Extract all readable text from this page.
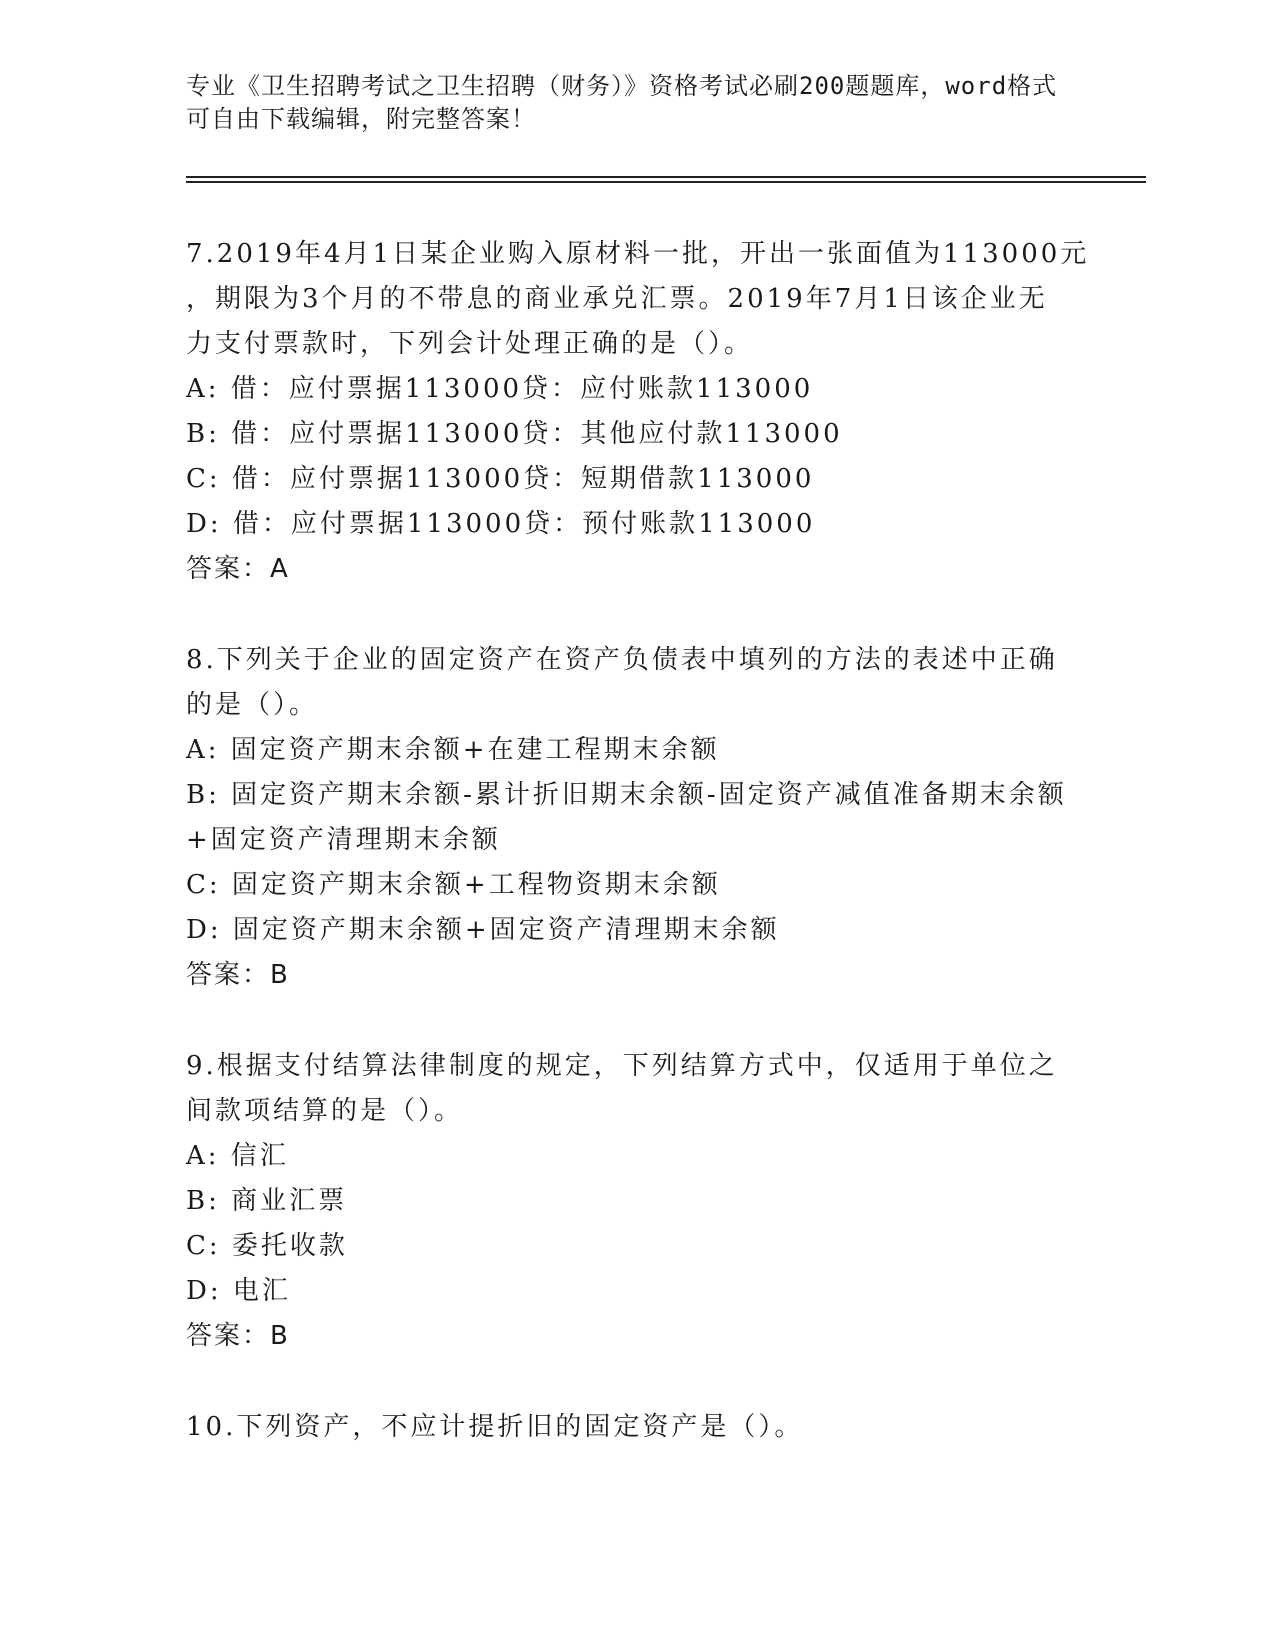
专业《卫生招聘考试之卫生招聘（财务）》资格考试必刷200题题库，word格式
可自由下载编辑，附完整答案！
7.2019年4月1日某企业购入原材料一批，开出一张面值为113000元
，期限为3个月的不带息的商业承兑汇票。2019年7月1日该企业无
力支付票款时，下列会计处理正确的是（）。
A: 借：应付票据113000贷：应付账款113000
B: 借：应付票据113000贷：其他应付款113000
C: 借：应付票据113000贷：短期借款113000
D: 借：应付票据113000贷：预付账款113000
答案：A
8.下列关于企业的固定资产在资产负债表中填列的方法的表述中正确
的是（）。
A: 固定资产期末余额+在建工程期末余额
B: 固定资产期末余额-累计折旧期末余额-固定资产减值准备期末余额
+固定资产清理期末余额
C: 固定资产期末余额+工程物资期末余额
D: 固定资产期末余额+固定资产清理期末余额
答案：B
9.根据支付结算法律制度的规定，下列结算方式中，仅适用于单位之
间款项结算的是（）。
A: 信汇
B: 商业汇票
C: 委托收款
D: 电汇
答案：B
10.下列资产，不应计提折旧的固定资产是（）。
